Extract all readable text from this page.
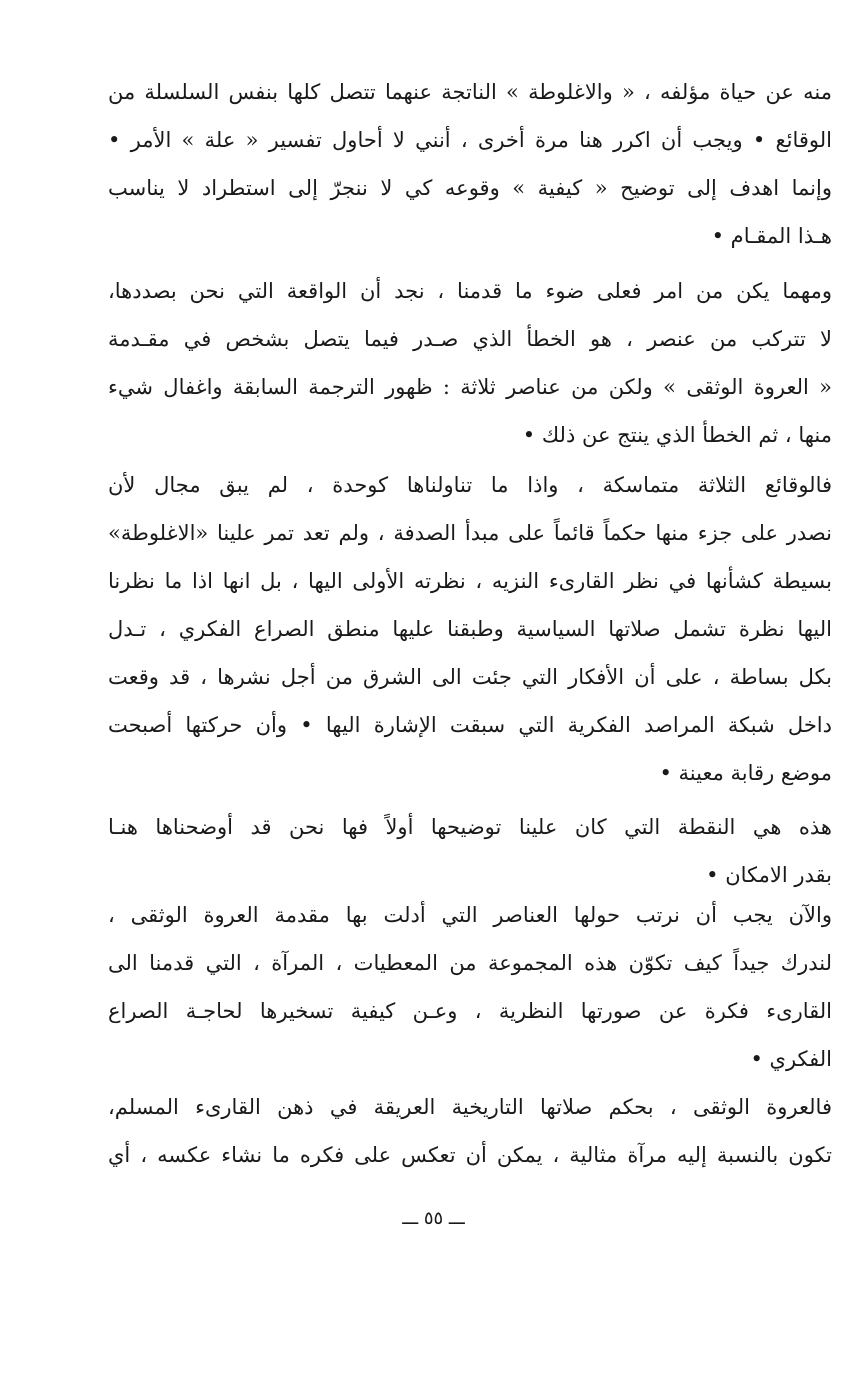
منه عن حياة مؤلفه ، « والاغلوطة » الناتجة عنهما تتصل كلها بنفس السلسلة من
الوقائع • ويجب أن اكرر هنا مرة أخرى ، أنني لا أحاول تفسير « علة » الأمر •
وإنما اهدف إلى توضيح « كيفية » وقوعه كي لا ننجرّ إلى استطراد لا يناسب
هـذا المقـام •
ومهما يكن من امر فعلى ضوء ما قدمنا ، نجد أن الواقعة التي نحن بصددها،
لا تتركب من عنصر ، هو الخطأ الذي صـدر فيما يتصل بشخص في مقـدمة
« العروة الوثقى » ولكن من عناصر ثلاثة : ظهور الترجمة السابقة واغفال شيء
منها ، ثم الخطأ الذي ينتج عن ذلك •
فالوقائع الثلاثة متماسكة ، واذا ما تناولناها كوحدة ، لم يبق مجال لأن
نصدر على جزء منها حكماً قائماً على مبدأ الصدفة ، ولم تعد تمر علينا «الاغلوطة»
بسيطة كشأنها في نظر القارىء النزيه ، نظرته الأولى اليها ، بل انها اذا ما نظرنا
اليها نظرة تشمل صلاتها السياسية وطبقنا عليها منطق الصراع الفكري ، تـدل
بكل بساطة ، على أن الأفكار التي جئت الى الشرق من أجل نشرها ، قد وقعت
داخل شبكة المراصد الفكرية التي سبقت الإشارة اليها • وأن حركتها أصبحت
موضع رقابة معينة •
هذه هي النقطة التي كان علينا توضيحها أولاً فها نحن قد أوضحناها هنـا
بقدر الامكان •
والآن يجب أن نرتب حولها العناصر التي أدلت بها مقدمة العروة الوثقى ،
لندرك جيداً كيف تكوّن هذه المجموعة من المعطيات ، المرآة ، التي قدمنا الى
القارىء فكرة عن صورتها النظرية ، وعـن كيفية تسخيرها لحاجـة الصراع
الفكري •
فالعروة الوثقى ، بحكم صلاتها التاريخية العريقة في ذهن القارىء المسلم،
تكون بالنسبة إليه مرآة مثالية ، يمكن أن تعكس على فكره ما نشاء عكسه ، أي
ـــ ٥٥ ـــ
